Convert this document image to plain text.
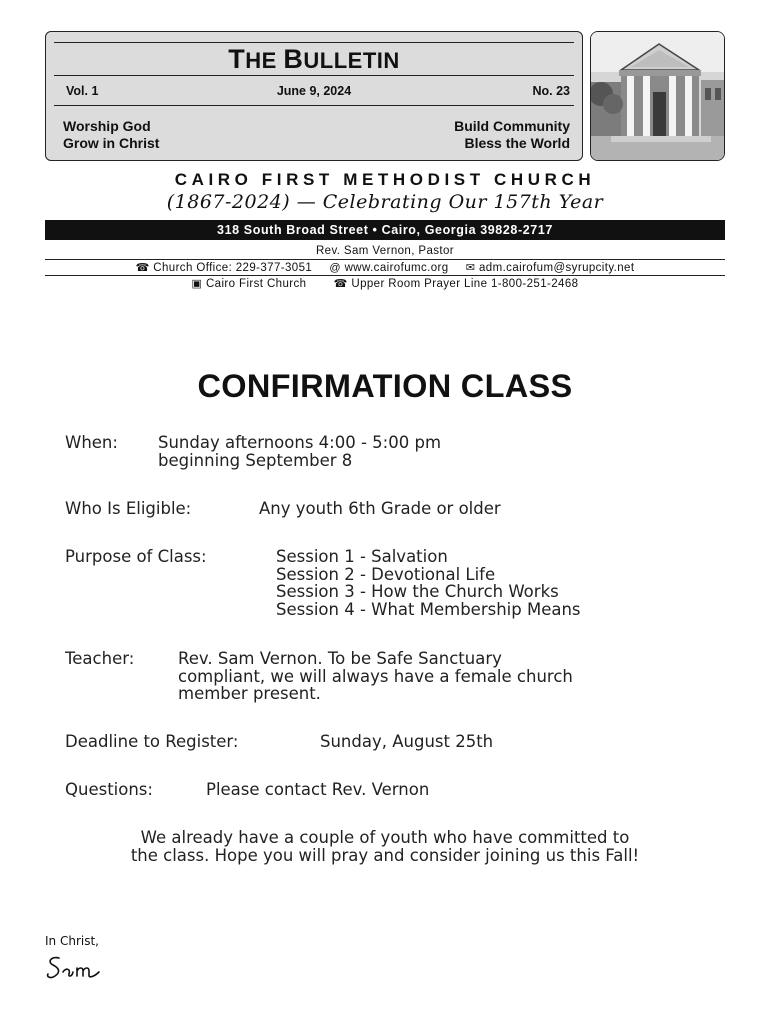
THE BULLETIN
Vol. 1	June 9, 2024	No. 23
Worship God
Grow in Christ
Build Community
Bless the World
CAIRO FIRST METHODIST CHURCH
(1867-2024) — Celebrating Our 157th Year
318 South Broad Street • Cairo, Georgia 39828-2717
Rev. Sam Vernon, Pastor
☎ Church Office: 229-377-3051 @ www.cairofumc.org ✉ adm.cairofum@syrupcity.net
▣ Cairo First Church ☎ Upper Room Prayer Line 1-800-251-2468
CONFIRMATION CLASS
When: Sunday afternoons 4:00 - 5:00 pm
beginning September 8
Who Is Eligible:	Any youth 6th Grade or older
Purpose of Class:	Session 1 - Salvation
Session 2 - Devotional Life
Session 3 - How the Church Works
Session 4 - What Membership Means
Teacher:	Rev. Sam Vernon. To be Safe Sanctuary
compliant, we will always have a female church
member present.
Deadline to Register:	Sunday, August 25th
Questions:	Please contact Rev. Vernon
We already have a couple of youth who have committed to
the class. Hope you will pray and consider joining us this Fall!
In Christ,
